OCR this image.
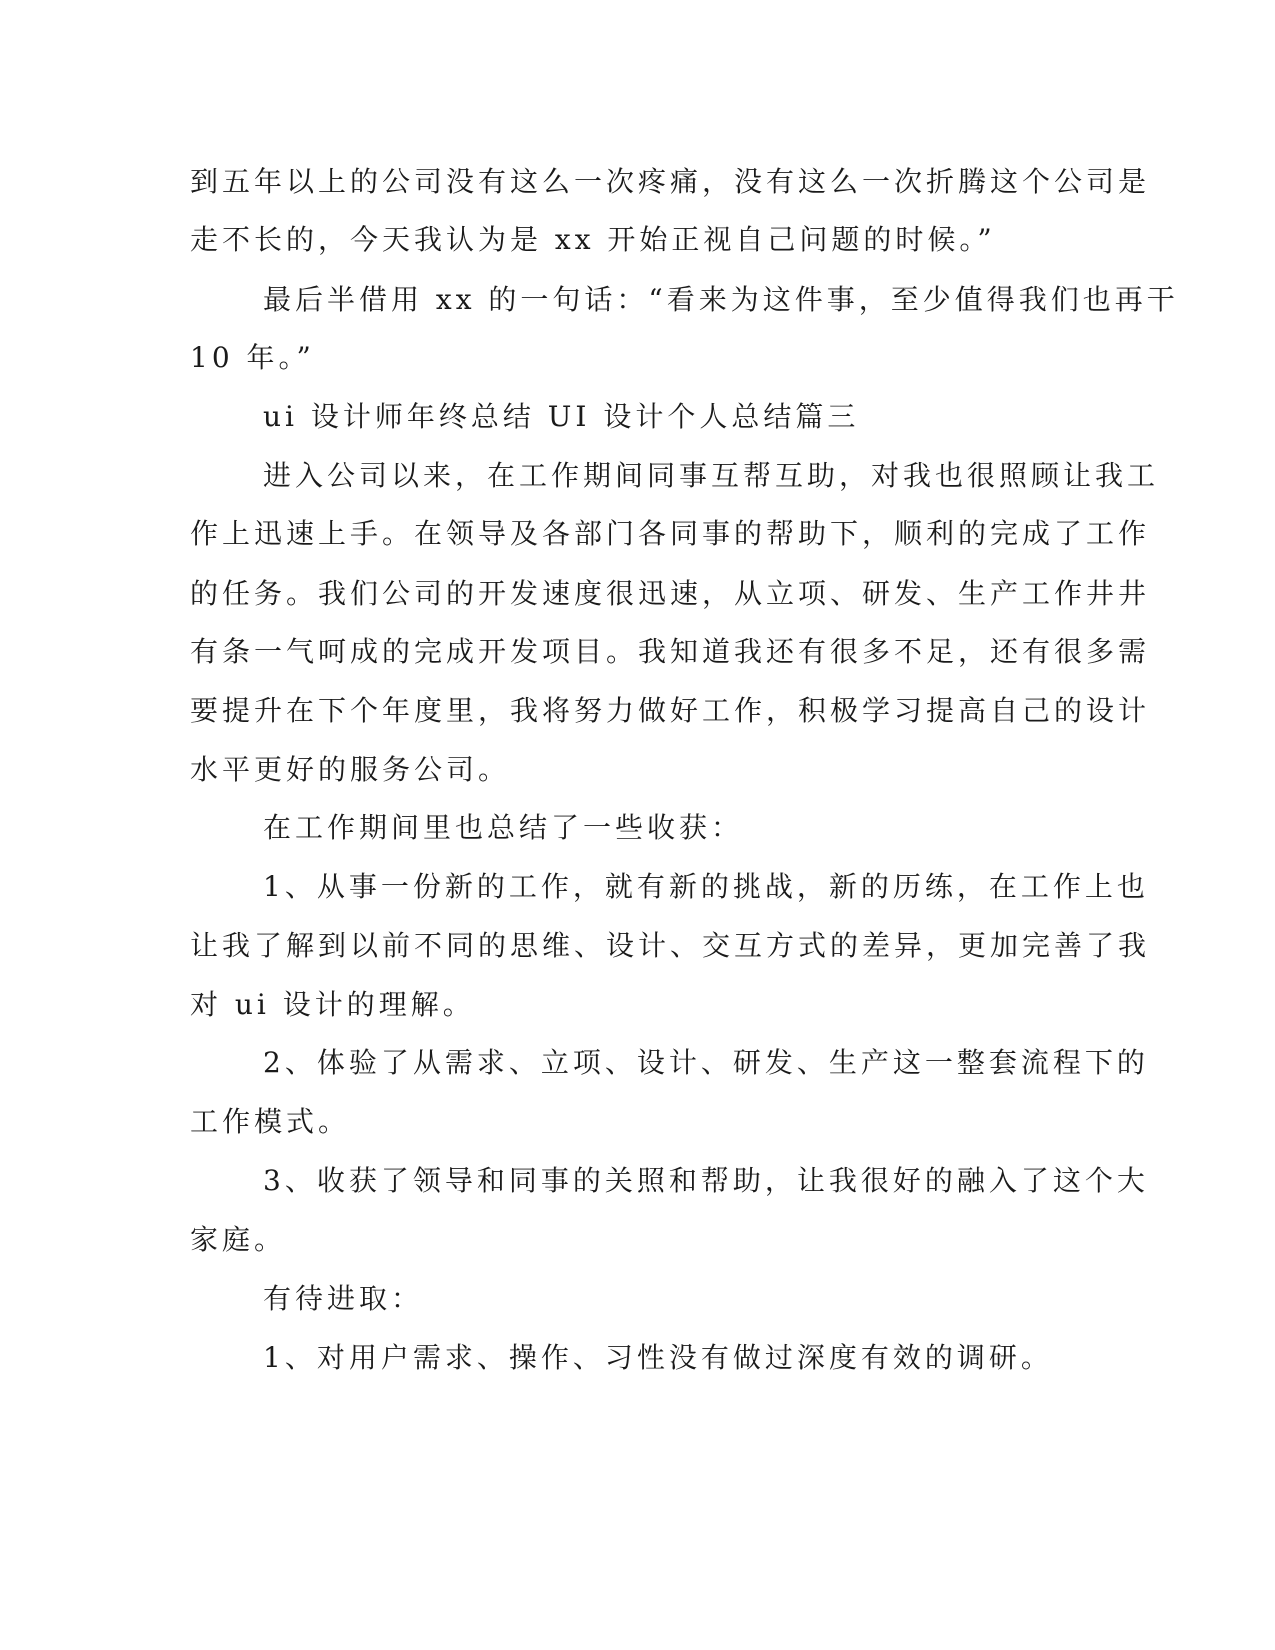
到五年以上的公司没有这么一次疼痛，没有这么一次折腾这个公司是
走不长的，今天我认为是 xx 开始正视自己问题的时候。”
最后半借用 xx 的一句话：“看来为这件事，至少值得我们也再干
10 年。”
ui 设计师年终总结 UI 设计个人总结篇三
进入公司以来，在工作期间同事互帮互助，对我也很照顾让我工
作上迅速上手。在领导及各部门各同事的帮助下，顺利的完成了工作
的任务。我们公司的开发速度很迅速，从立项、研发、生产工作井井
有条一气呵成的完成开发项目。我知道我还有很多不足，还有很多需
要提升在下个年度里，我将努力做好工作，积极学习提高自己的设计
水平更好的服务公司。
在工作期间里也总结了一些收获：
1、从事一份新的工作，就有新的挑战，新的历练，在工作上也
让我了解到以前不同的思维、设计、交互方式的差异，更加完善了我
对 ui 设计的理解。
2、体验了从需求、立项、设计、研发、生产这一整套流程下的
工作模式。
3、收获了领导和同事的关照和帮助，让我很好的融入了这个大
家庭。
有待进取：
1、对用户需求、操作、习性没有做过深度有效的调研。
